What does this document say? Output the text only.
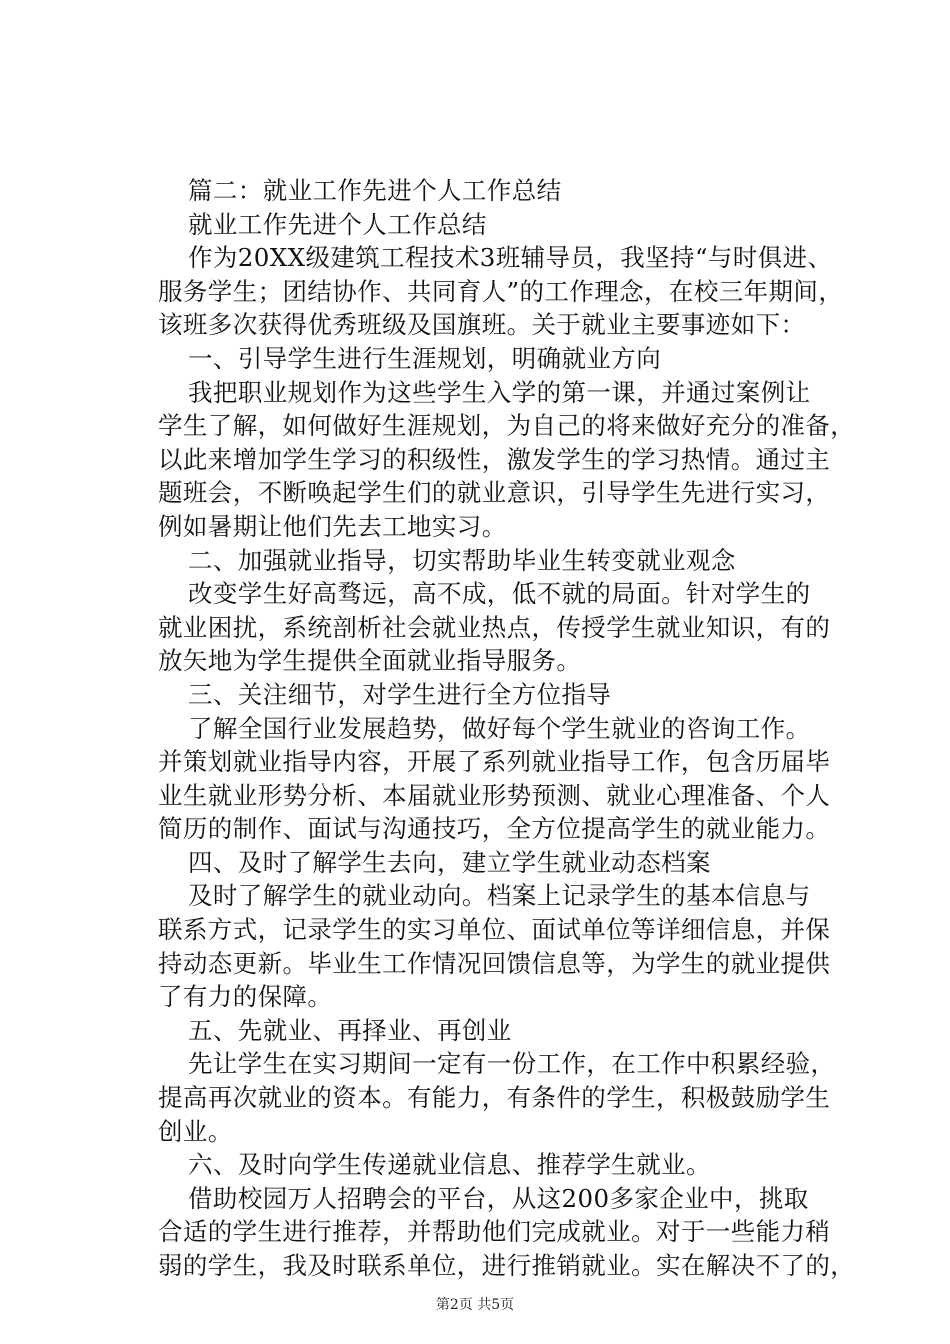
篇二：就业工作先进个人工作总结
就业工作先进个人工作总结
作为20XX级建筑工程技术3班辅导员，我坚持“与时俱进、
服务学生；团结协作、共同育人”的工作理念，在校三年期间，
该班多次获得优秀班级及国旗班。关于就业主要事迹如下：
一、引导学生进行生涯规划，明确就业方向
我把职业规划作为这些学生入学的第一课，并通过案例让
学生了解，如何做好生涯规划，为自己的将来做好充分的准备，
以此来增加学生学习的积级性，激发学生的学习热情。通过主
题班会，不断唤起学生们的就业意识，引导学生先进行实习，
例如暑期让他们先去工地实习。
二、加强就业指导，切实帮助毕业生转变就业观念
改变学生好高骛远，高不成，低不就的局面。针对学生的
就业困扰，系统剖析社会就业热点，传授学生就业知识，有的
放矢地为学生提供全面就业指导服务。
三、关注细节，对学生进行全方位指导
了解全国行业发展趋势，做好每个学生就业的咨询工作。
并策划就业指导内容，开展了系列就业指导工作，包含历届毕
业生就业形势分析、本届就业形势预测、就业心理准备、个人
简历的制作、面试与沟通技巧，全方位提高学生的就业能力。
四、及时了解学生去向，建立学生就业动态档案
及时了解学生的就业动向。档案上记录学生的基本信息与
联系方式，记录学生的实习单位、面试单位等详细信息，并保
持动态更新。毕业生工作情况回馈信息等，为学生的就业提供
了有力的保障。
五、先就业、再择业、再创业
先让学生在实习期间一定有一份工作，在工作中积累经验，
提高再次就业的资本。有能力，有条件的学生，积极鼓励学生
创业。
六、及时向学生传递就业信息、推荐学生就业。
借助校园万人招聘会的平台，从这200多家企业中，挑取
合适的学生进行推荐，并帮助他们完成就业。对于一些能力稍
弱的学生，我及时联系单位，进行推销就业。实在解决不了的，
第2页 共5页
